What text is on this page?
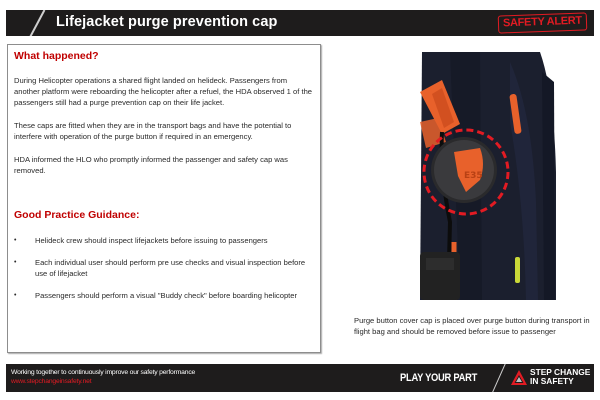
Lifejacket purge prevention cap	SAFETY ALERT
What happened?

During Helicopter operations a shared flight landed on helideck. Passengers from another platform were reboarding the helicopter after a refuel, the HDA observed 1 of the passengers still had a purge prevention cap on their life jacket.

These caps are fitted when they are in the transport bags and have the potential to interfere with operation of the purge button if required in an emergency.

HDA informed the HLO who promptly informed the passenger and safety cap was removed.

Good Practice Guidance:
• Helideck crew should inspect lifejackets before issuing to passengers
• Each individual user should perform pre use checks and visual inspection before use of lifejacket
• Passengers should perform a visual "Buddy check" before boarding helicopter
E35
Purge button cover cap is placed over purge button during transport in flight bag and should be removed before issue to passenger
Working together to continuously improve our safety performance
www.stepchangeinsafety.net	PLAY YOUR PART	STEP CHANGE
IN SAFETY
